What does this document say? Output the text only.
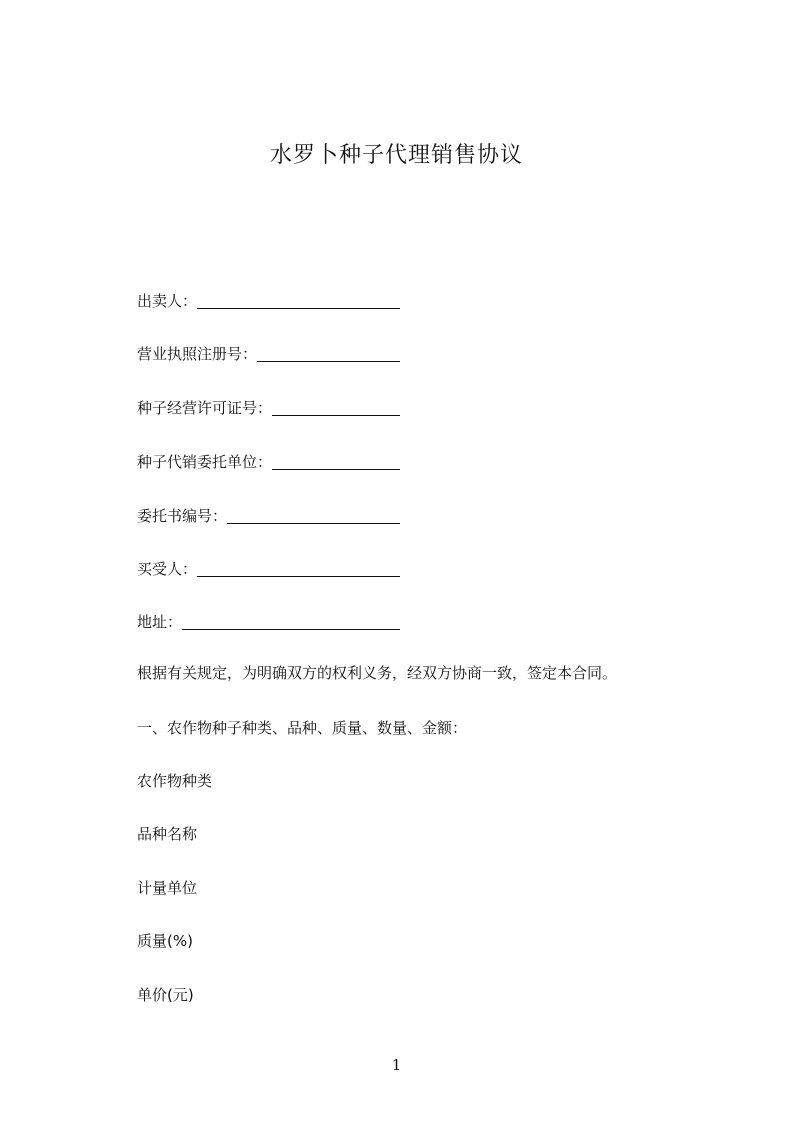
水罗卜种子代理销售协议
出卖人：
营业执照注册号：
种子经营许可证号：
种子代销委托单位：
委托书编号：
买受人：
地址：
根据有关规定，为明确双方的权利义务，经双方协商一致，签定本合同。
一、农作物种子种类、品种、质量、数量、金额：
农作物种类
品种名称
计量单位
质量(%)
单价(元)
1
